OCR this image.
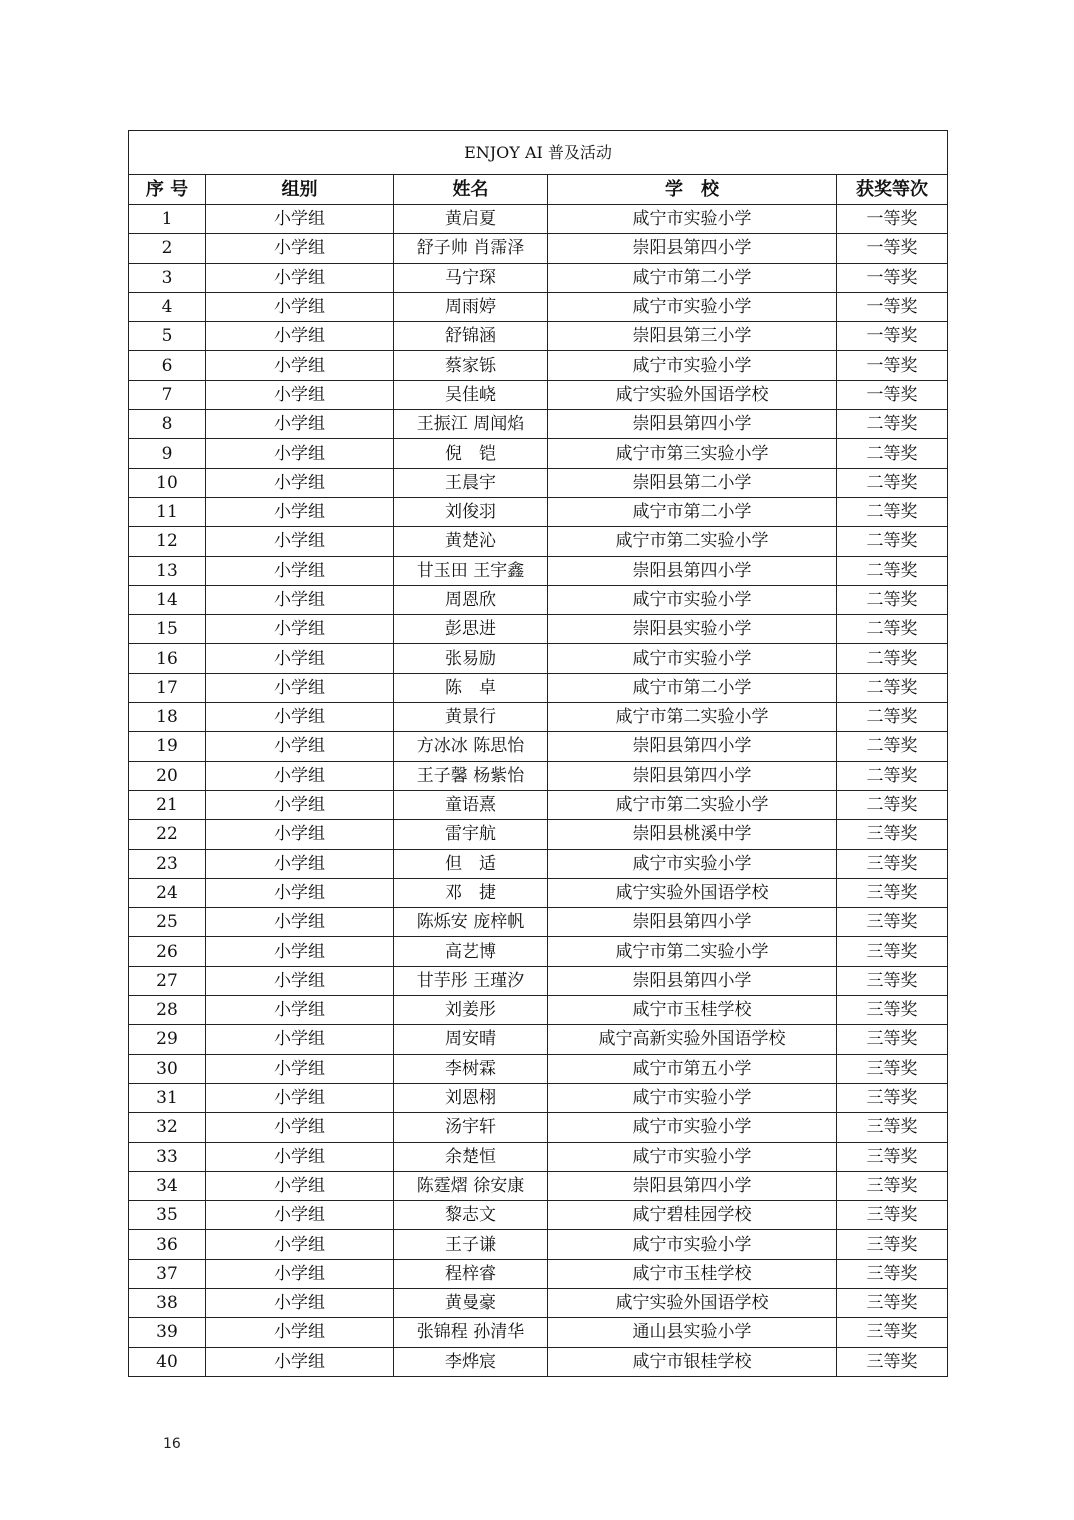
ENJOY AI 普及活动				
序 号	组别	姓名	学　校	获奖等次
1	小学组	黄启夏	咸宁市实验小学	一等奖
2	小学组	舒子帅 肖霈泽	崇阳县第四小学	一等奖
3	小学组	马宁琛	咸宁市第二小学	一等奖
4	小学组	周雨婷	咸宁市实验小学	一等奖
5	小学组	舒锦涵	崇阳县第三小学	一等奖
6	小学组	蔡家铄	咸宁市实验小学	一等奖
7	小学组	吴佳峣	咸宁实验外国语学校	一等奖
8	小学组	王振江 周闻焰	崇阳县第四小学	二等奖
9	小学组	倪　铠	咸宁市第三实验小学	二等奖
10	小学组	王晨宇	崇阳县第二小学	二等奖
11	小学组	刘俊羽	咸宁市第二小学	二等奖
12	小学组	黄楚沁	咸宁市第二实验小学	二等奖
13	小学组	甘玉田 王宇鑫	崇阳县第四小学	二等奖
14	小学组	周恩欣	咸宁市实验小学	二等奖
15	小学组	彭思进	崇阳县实验小学	二等奖
16	小学组	张易励	咸宁市实验小学	二等奖
17	小学组	陈　卓	咸宁市第二小学	二等奖
18	小学组	黄景行	咸宁市第二实验小学	二等奖
19	小学组	方冰冰 陈思怡	崇阳县第四小学	二等奖
20	小学组	王子馨 杨紫怡	崇阳县第四小学	二等奖
21	小学组	童语熹	咸宁市第二实验小学	二等奖
22	小学组	雷宇航	崇阳县桃溪中学	三等奖
23	小学组	但　适	咸宁市实验小学	三等奖
24	小学组	邓　捷	咸宁实验外国语学校	三等奖
25	小学组	陈烁安 庞梓帆	崇阳县第四小学	三等奖
26	小学组	高艺博	咸宁市第二实验小学	三等奖
27	小学组	甘芋彤 王瑾汐	崇阳县第四小学	三等奖
28	小学组	刘姜彤	咸宁市玉桂学校	三等奖
29	小学组	周安晴	咸宁高新实验外国语学校	三等奖
30	小学组	李树霖	咸宁市第五小学	三等奖
31	小学组	刘恩栩	咸宁市实验小学	三等奖
32	小学组	汤宇轩	咸宁市实验小学	三等奖
33	小学组	余楚恒	咸宁市实验小学	三等奖
34	小学组	陈霆熠 徐安康	崇阳县第四小学	三等奖
35	小学组	黎志文	咸宁碧桂园学校	三等奖
36	小学组	王子谦	咸宁市实验小学	三等奖
37	小学组	程梓睿	咸宁市玉桂学校	三等奖
38	小学组	黄曼豪	咸宁实验外国语学校	三等奖
39	小学组	张锦程 孙清华	通山县实验小学	三等奖
40	小学组	李烨宸	咸宁市银桂学校	三等奖
16
